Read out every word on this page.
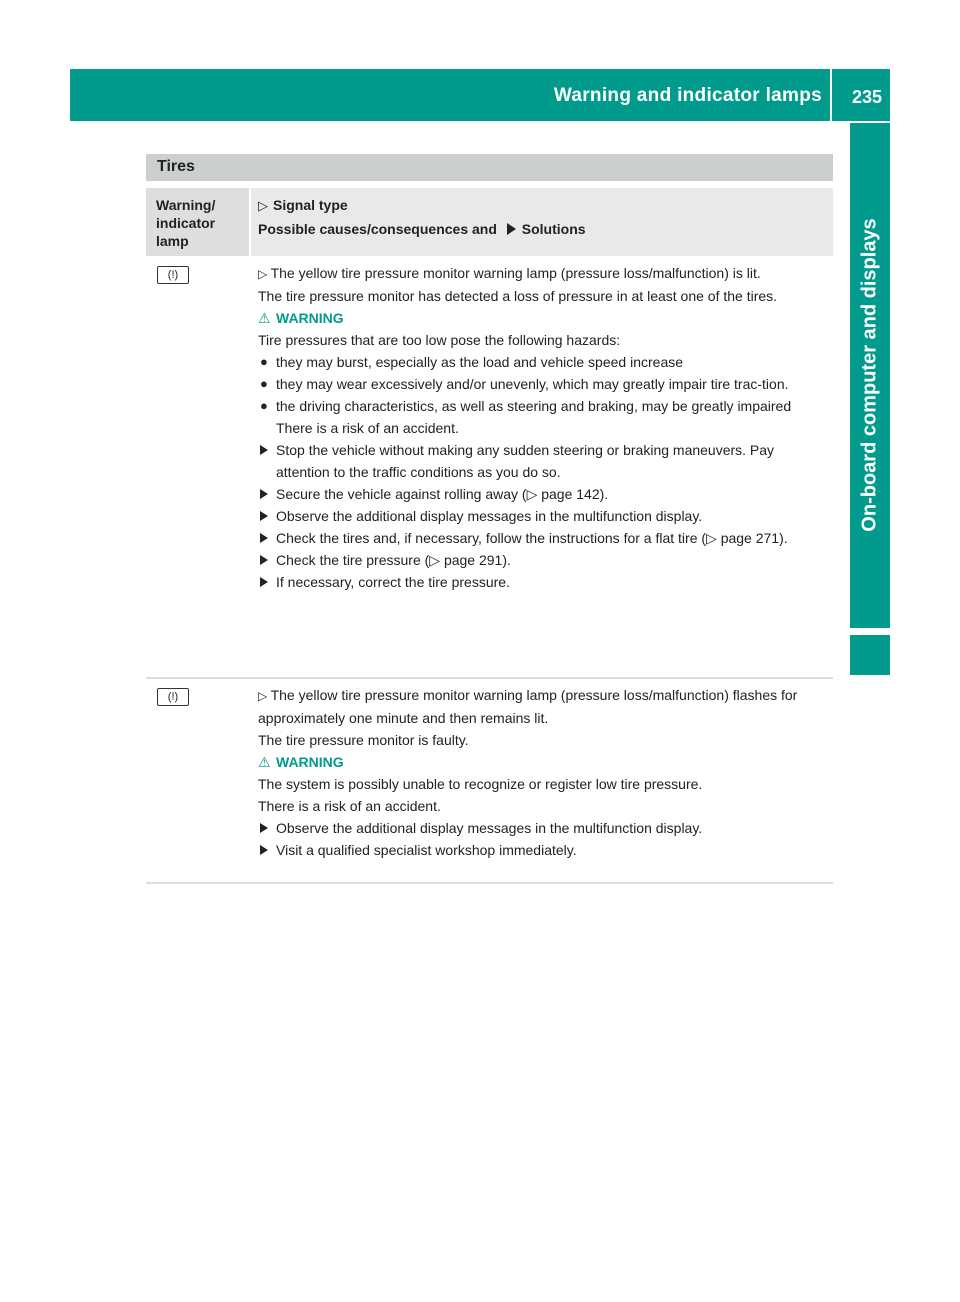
Warning and indicator lamps 235
On-board computer and displays
Tires
Warning/
indicator
lamp
▷ Signal type
Possible causes/consequences and Solutions
(!)	▷ The yellow tire pressure monitor warning lamp (pressure loss/malfunction) is lit.

The tire pressure monitor has detected a loss of pressure in at least one of the tires.

⚠ WARNING

Tire pressures that are too low pose the following hazards:

● they may burst, especially as the load and vehicle speed increase

● they may wear excessively and/or unevenly, which may greatly impair tire trac-tion.

● the driving characteristics, as well as steering and braking, may be greatly impaired

There is a risk of an accident.

Stop the vehicle without making any sudden steering or braking maneuvers. Pay attention to the traffic conditions as you do so.

Secure the vehicle against rolling away (▷ page 142).

Observe the additional display messages in the multifunction display.

Check the tires and, if necessary, follow the instructions for a flat tire (▷ page 271).

Check the tire pressure (▷ page 291).

If necessary, correct the tire pressure.

(!)	▷ The yellow tire pressure monitor warning lamp (pressure loss/malfunction) flashes for approximately one minute and then remains lit.

The tire pressure monitor is faulty.

⚠ WARNING

The system is possibly unable to recognize or register low tire pressure.

There is a risk of an accident.

Observe the additional display messages in the multifunction display.

Visit a qualified specialist workshop immediately.
